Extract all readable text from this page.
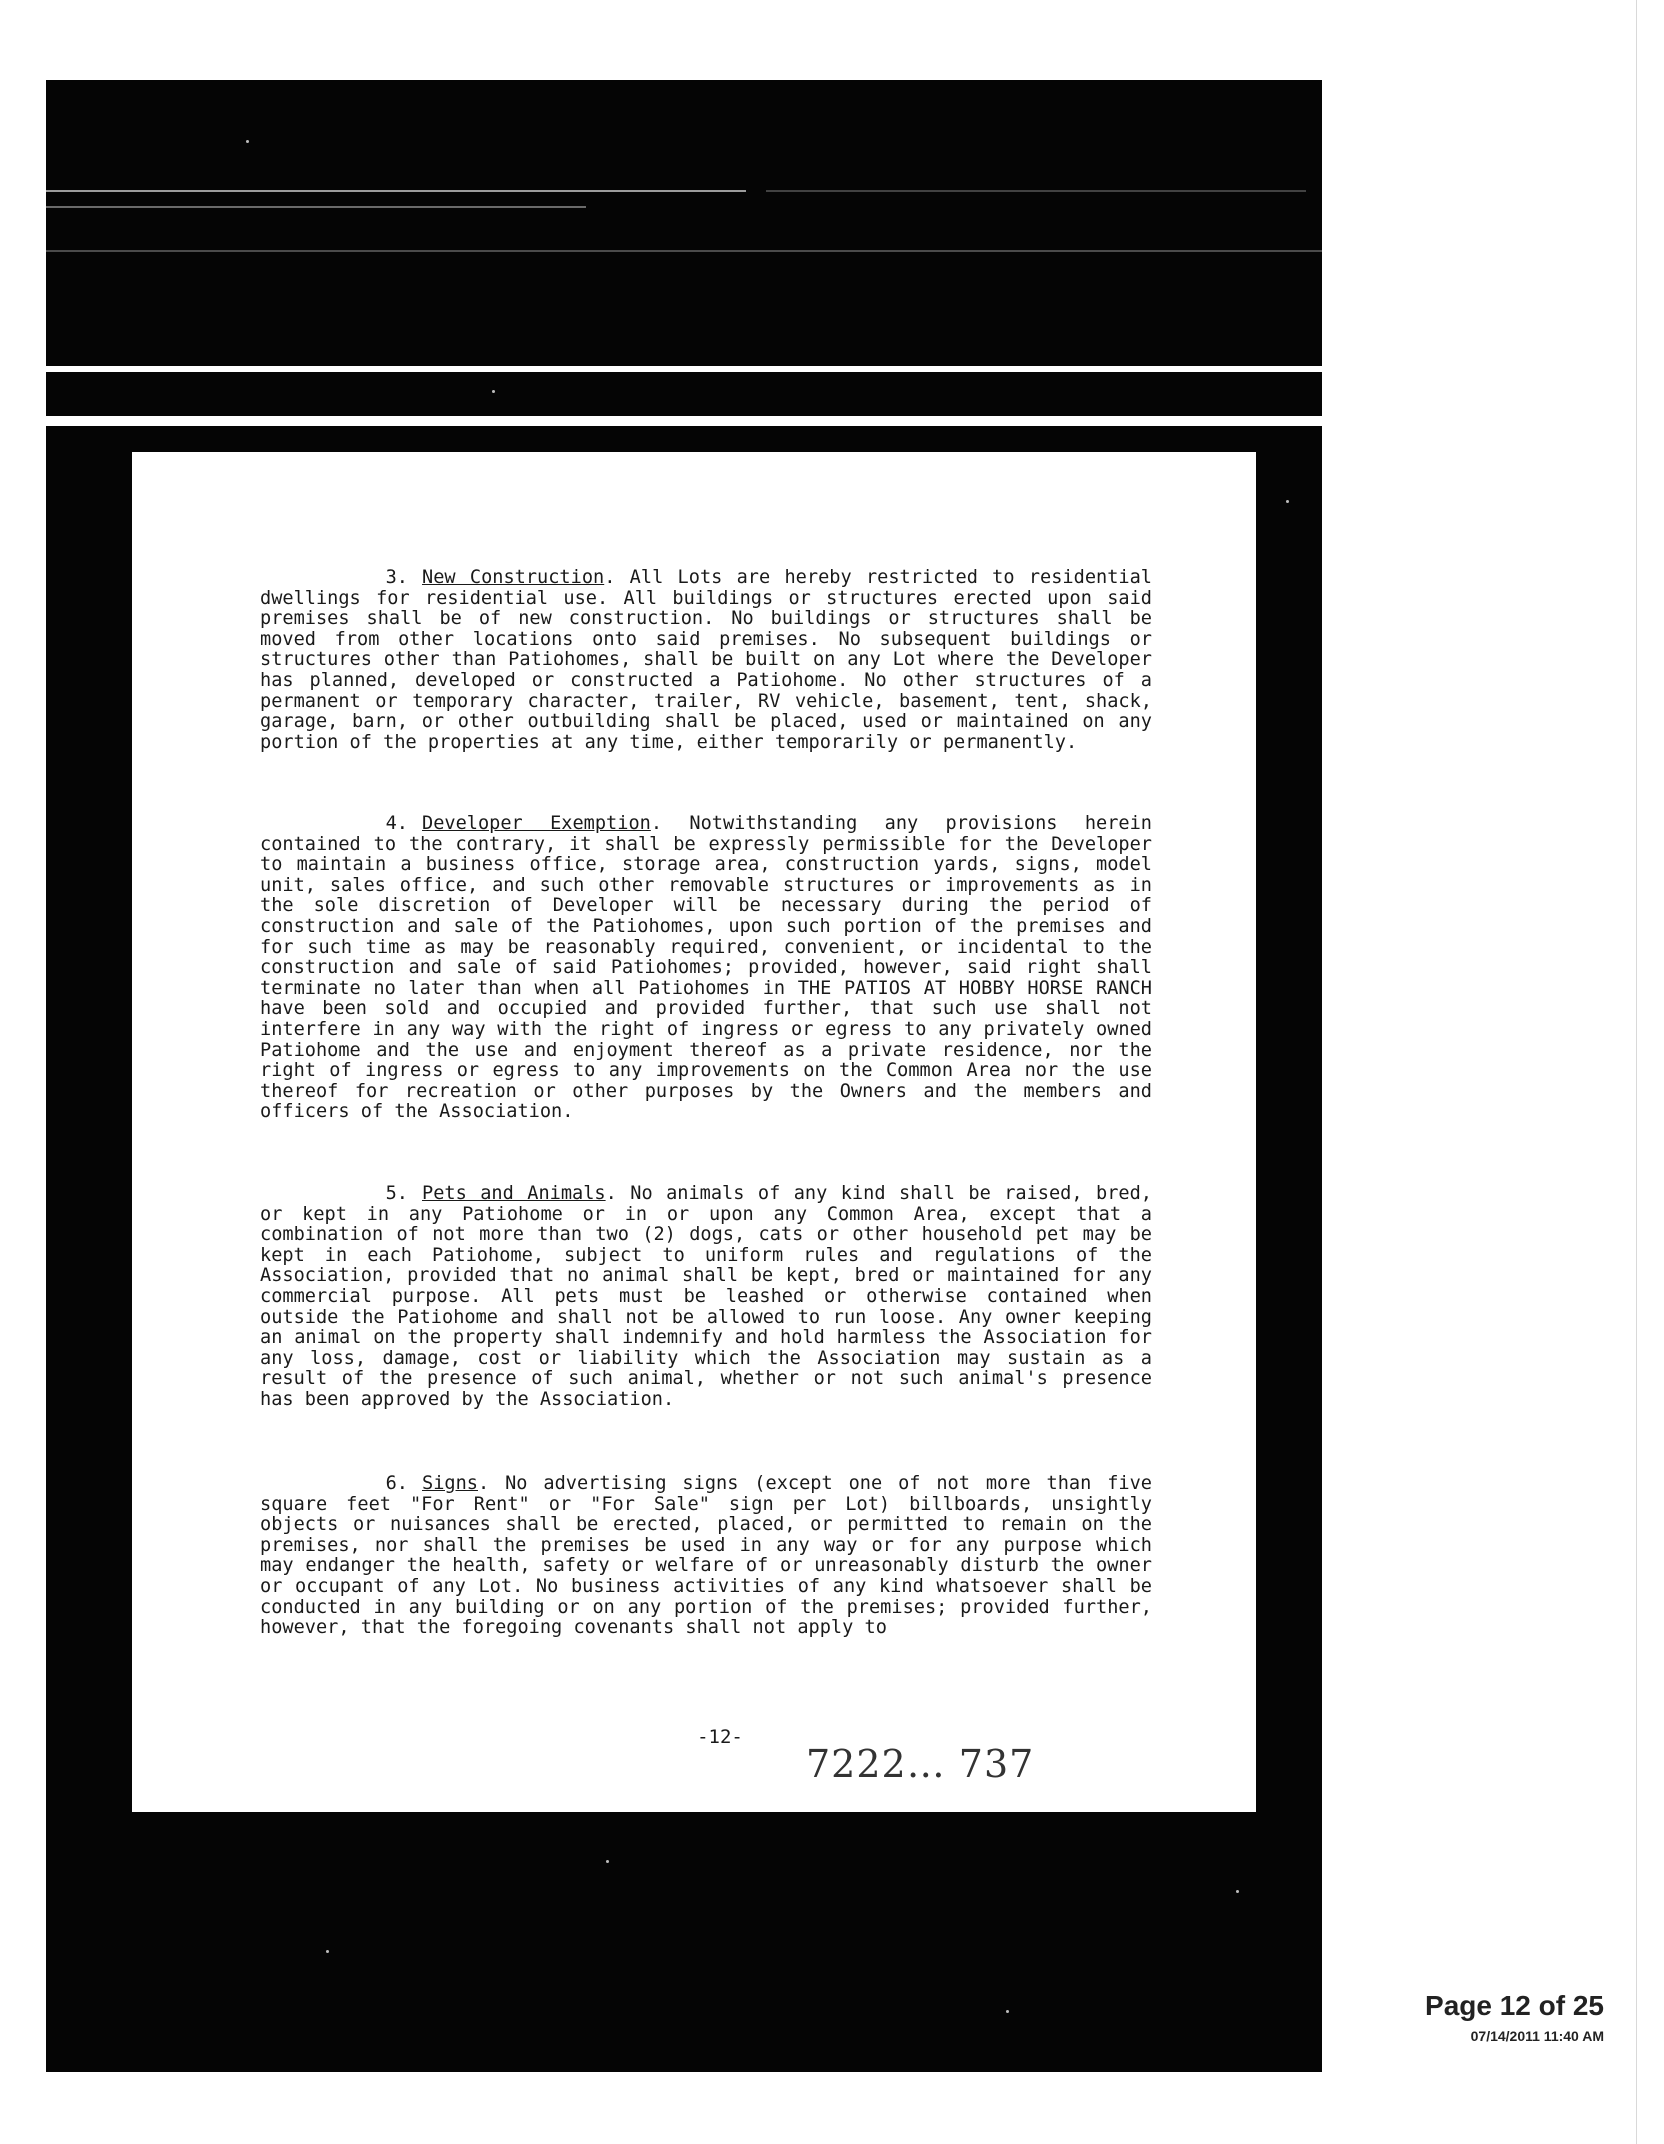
3. New Construction. All Lots are hereby restricted to residential dwellings for residential use. All buildings or structures erected upon said premises shall be of new construction. No buildings or structures shall be moved from other locations onto said premises. No subsequent buildings or structures other than Patiohomes, shall be built on any Lot where the Developer has planned, developed or constructed a Patiohome. No other structures of a permanent or temporary character, trailer, RV vehicle, basement, tent, shack, garage, barn, or other outbuilding shall be placed, used or maintained on any portion of the properties at any time, either temporarily or permanently.

4. Developer Exemption. Notwithstanding any provisions herein contained to the contrary, it shall be expressly permissible for the Developer to maintain a business office, storage area, construction yards, signs, model unit, sales office, and such other removable structures or improvements as in the sole discretion of Developer will be necessary during the period of construction and sale of the Patiohomes, upon such portion of the premises and for such time as may be reasonably required, convenient, or incidental to the construction and sale of said Patiohomes; provided, however, said right shall terminate no later than when all Patiohomes in THE PATIOS AT HOBBY HORSE RANCH have been sold and occupied and provided further, that such use shall not interfere in any way with the right of ingress or egress to any privately owned Patiohome and the use and enjoyment thereof as a private residence, nor the right of ingress or egress to any improvements on the Common Area nor the use thereof for recreation or other purposes by the Owners and the members and officers of the Association.

5. Pets and Animals. No animals of any kind shall be raised, bred, or kept in any Patiohome or in or upon any Common Area, except that a combination of not more than two (2) dogs, cats or other household pet may be kept in each Patiohome, subject to uniform rules and regulations of the Association, provided that no animal shall be kept, bred or maintained for any commercial purpose. All pets must be leashed or otherwise contained when outside the Patiohome and shall not be allowed to run loose. Any owner keeping an animal on the property shall indemnify and hold harmless the Association for any loss, damage, cost or liability which the Association may sustain as a result of the presence of such animal, whether or not such animal's presence has been approved by the Association.

6. Signs. No advertising signs (except one of not more than five square feet "For Rent" or "For Sale" sign per Lot) billboards, unsightly objects or nuisances shall be erected, placed, or permitted to remain on the premises, nor shall the premises be used in any way or for any purpose which may endanger the health, safety or welfare of or unreasonably disturb the owner or occupant of any Lot. No business activities of any kind whatsoever shall be conducted in any building or on any portion of the premises; provided further, however, that the foregoing covenants shall not apply to

-12-
7222… 737
Page 12 of 25
07/14/2011 11:40 AM
